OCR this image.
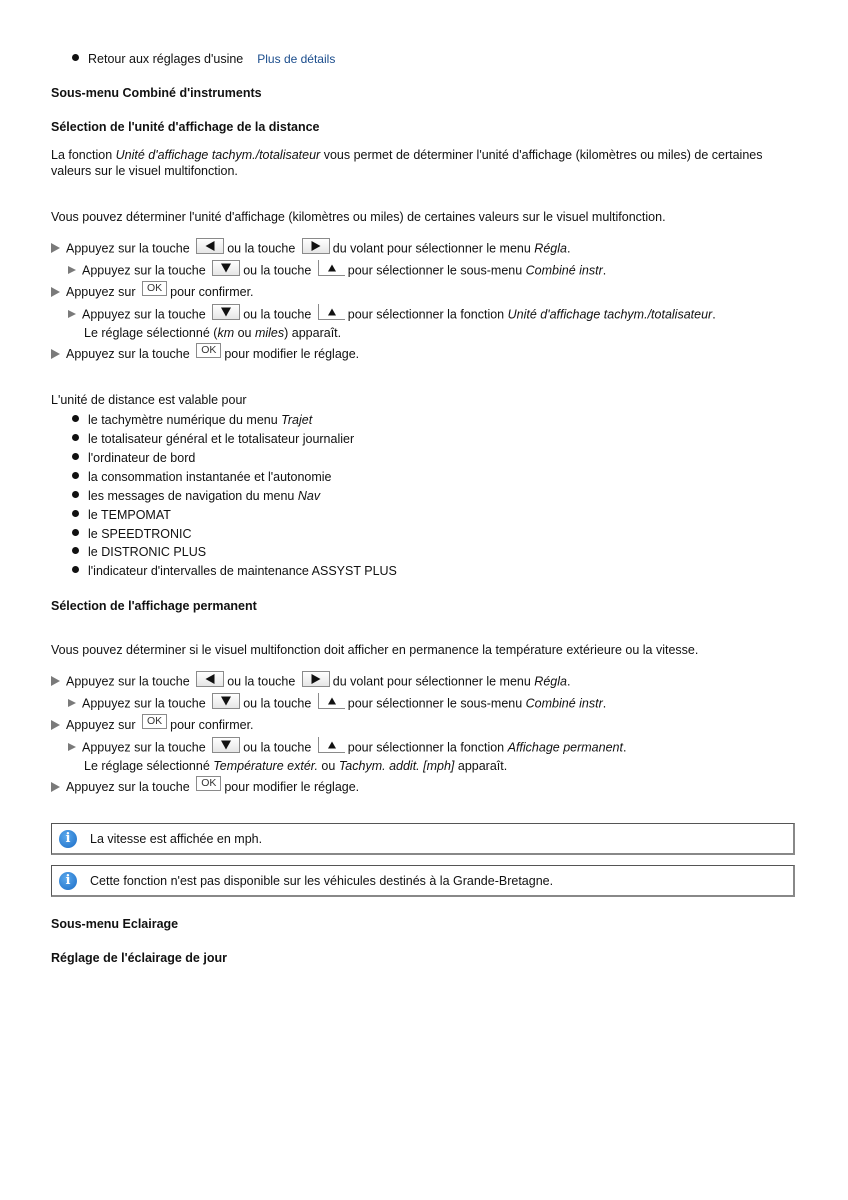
Retour aux réglages d'usine Plus de détails
Sous-menu Combiné d'instruments
Sélection de l'unité d'affichage de la distance
La fonction Unité d'affichage tachym./totalisateur vous permet de déterminer l'unité d'affichage (kilomètres ou miles) de certaines
valeurs sur le visuel multifonction.
Vous pouvez déterminer l'unité d'affichage (kilomètres ou miles) de certaines valeurs sur le visuel multifonction.
Appuyez sur la touche	ou la touche	du volant pour sélectionner le menu Régla.
Appuyez sur la touche	ou la touche	pour sélectionner le sous-menu Combiné instr.
Appuyez sur OK pour confirmer.
Appuyez sur la touche	ou la touche	pour sélectionner la fonction Unité d'affichage tachym./totalisateur.
Le réglage sélectionné (km ou miles) apparaît.
Appuyez sur la touche OK pour modifier le réglage.
L'unité de distance est valable pour
le tachymètre numérique du menu Trajet
le totalisateur général et le totalisateur journalier
l'ordinateur de bord
la consommation instantanée et l'autonomie
les messages de navigation du menu Nav
le TEMPOMAT
le SPEEDTRONIC
le DISTRONIC PLUS
l'indicateur d'intervalles de maintenance ASSYST PLUS
Sélection de l'affichage permanent
Vous pouvez déterminer si le visuel multifonction doit afficher en permanence la température extérieure ou la vitesse.
Appuyez sur la touche	ou la touche	du volant pour sélectionner le menu Régla.
Appuyez sur la touche	ou la touche	pour sélectionner le sous-menu Combiné instr.
Appuyez sur OK pour confirmer.
Appuyez sur la touche	ou la touche	pour sélectionner la fonction Affichage permanent.
Le réglage sélectionné Température extér. ou Tachym. addit. [mph] apparaît.
Appuyez sur la touche OK pour modifier le réglage.
i	La vitesse est affichée en mph.
i	Cette fonction n'est pas disponible sur les véhicules destinés à la Grande-Bretagne.
Sous-menu Eclairage
Réglage de l'éclairage de jour
